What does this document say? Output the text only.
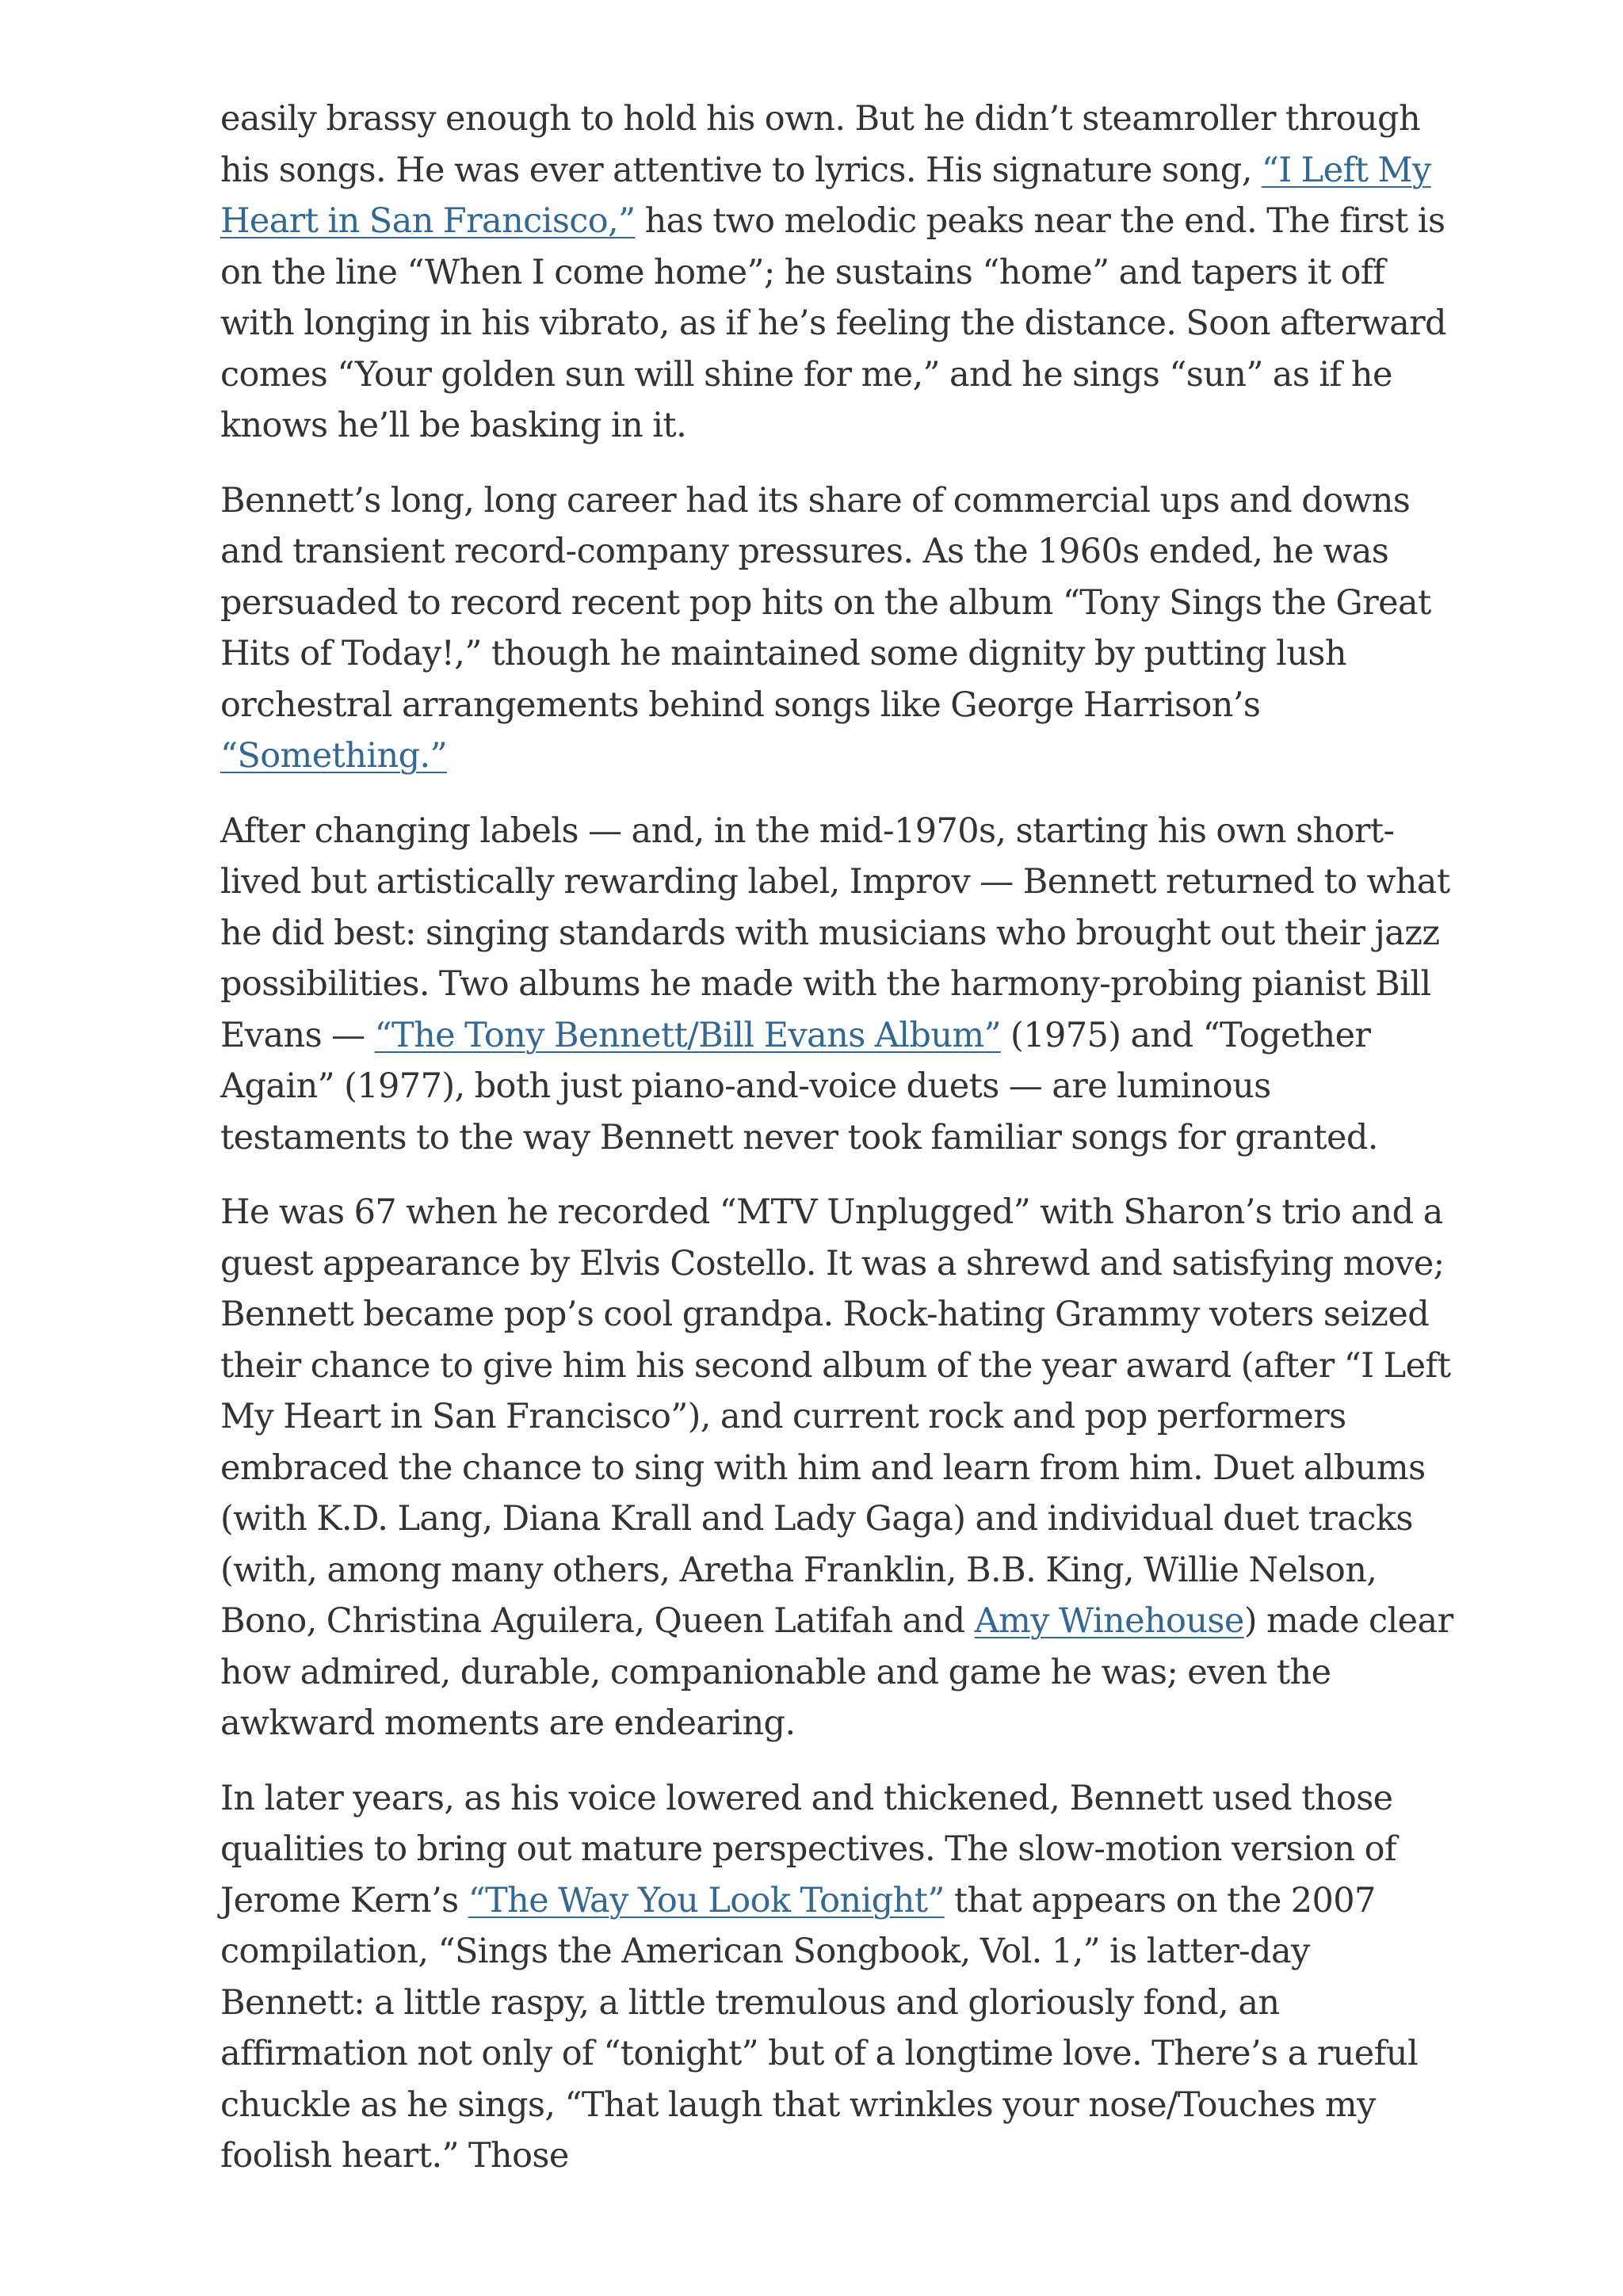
easily brassy enough to hold his own. But he didn’t steamroller through his songs. He was ever attentive to lyrics. His signature song, “I Left My Heart in San Francisco,” has two melodic peaks near the end. The first is on the line “When I come home”; he sustains “home” and tapers it off with longing in his vibrato, as if he’s feeling the distance. Soon afterward comes “Your golden sun will shine for me,” and he sings “sun” as if he knows he’ll be basking in it.

Bennett’s long, long career had its share of commercial ups and downs and transient record-company pressures. As the 1960s ended, he was persuaded to record recent pop hits on the album “Tony Sings the Great Hits of Today!,” though he maintained some dignity by putting lush orchestral arrangements behind songs like George Harrison’s “Something.”

After changing labels — and, in the mid-1970s, starting his own short-lived but artistically rewarding label, Improv — Bennett returned to what he did best: singing standards with musicians who brought out their jazz possibilities. Two albums he made with the harmony-probing pianist Bill Evans — “The Tony Bennett/Bill Evans Album” (1975) and “Together Again” (1977), both just piano-and-voice duets — are luminous testaments to the way Bennett never took familiar songs for granted.

He was 67 when he recorded “MTV Unplugged” with Sharon’s trio and a guest appearance by Elvis Costello. It was a shrewd and satisfying move; Bennett became pop’s cool grandpa. Rock-hating Grammy voters seized their chance to give him his second album of the year award (after “I Left My Heart in San Francisco”), and current rock and pop performers embraced the chance to sing with him and learn from him. Duet albums (with K.D. Lang, Diana Krall and Lady Gaga) and individual duet tracks (with, among many others, Aretha Franklin, B.B. King, Willie Nelson, Bono, Christina Aguilera, Queen Latifah and Amy Winehouse) made clear how admired, durable, companionable and game he was; even the awkward moments are endearing.

In later years, as his voice lowered and thickened, Bennett used those qualities to bring out mature perspectives. The slow-motion version of Jerome Kern’s “The Way You Look Tonight” that appears on the 2007 compilation, “Sings the American Songbook, Vol. 1,” is latter-day Bennett: a little raspy, a little tremulous and gloriously fond, an affirmation not only of “tonight” but of a longtime love. There’s a rueful chuckle as he sings, “That laugh that wrinkles your nose/Touches my foolish heart.” Those
